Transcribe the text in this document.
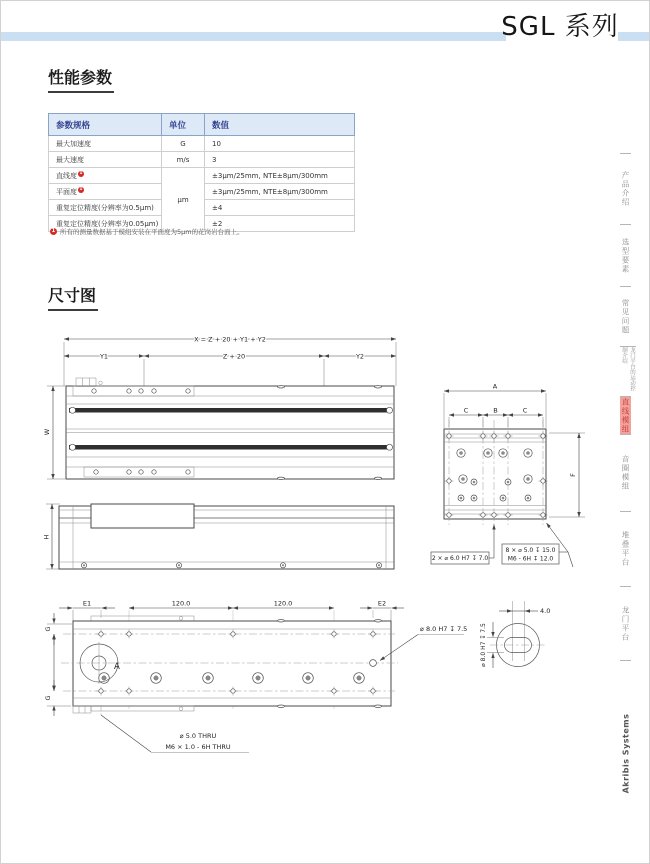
SGL 系列
性能参数
参数规格	单位	数值
最大加速度	G	10
最大速度	m/s	3
直线度 1	μm	±3μm/25mm, NTE±8μm/300mm
平面度 1		±3μm/25mm, NTE±8μm/300mm
重复定位精度(分辨率为0.5μm)		±4
重复定位精度(分辨率为0.05μm)		±2
1 所有的测量数据基于模组安装在平面度为5μm的花岗岩台面上。
尺寸图
X = Z + 20 + Y1 + Y2
Y1	Z + 20	Y2
W
H
E1	120.0	120.0	E2
A
⌀ 8.0 H7 ↧ 7.5
G
G
⌀ 5.0 THRU
M6 × 1.0 - 6H THRU
A
C	B	C
F
2 × ⌀ 6.0 H7 ↧ 7.0
8 × ⌀ 5.0 ↧ 15.0
M6 - 6H ↧ 12.0
4.0
⌀ 8.0 H7 ↧ 7.5
产品介绍
选型要素
常见问题
龙门平台的运动控制介绍
直线模组
音圈模组
堆叠平台
龙门平台
Akribis Systems
